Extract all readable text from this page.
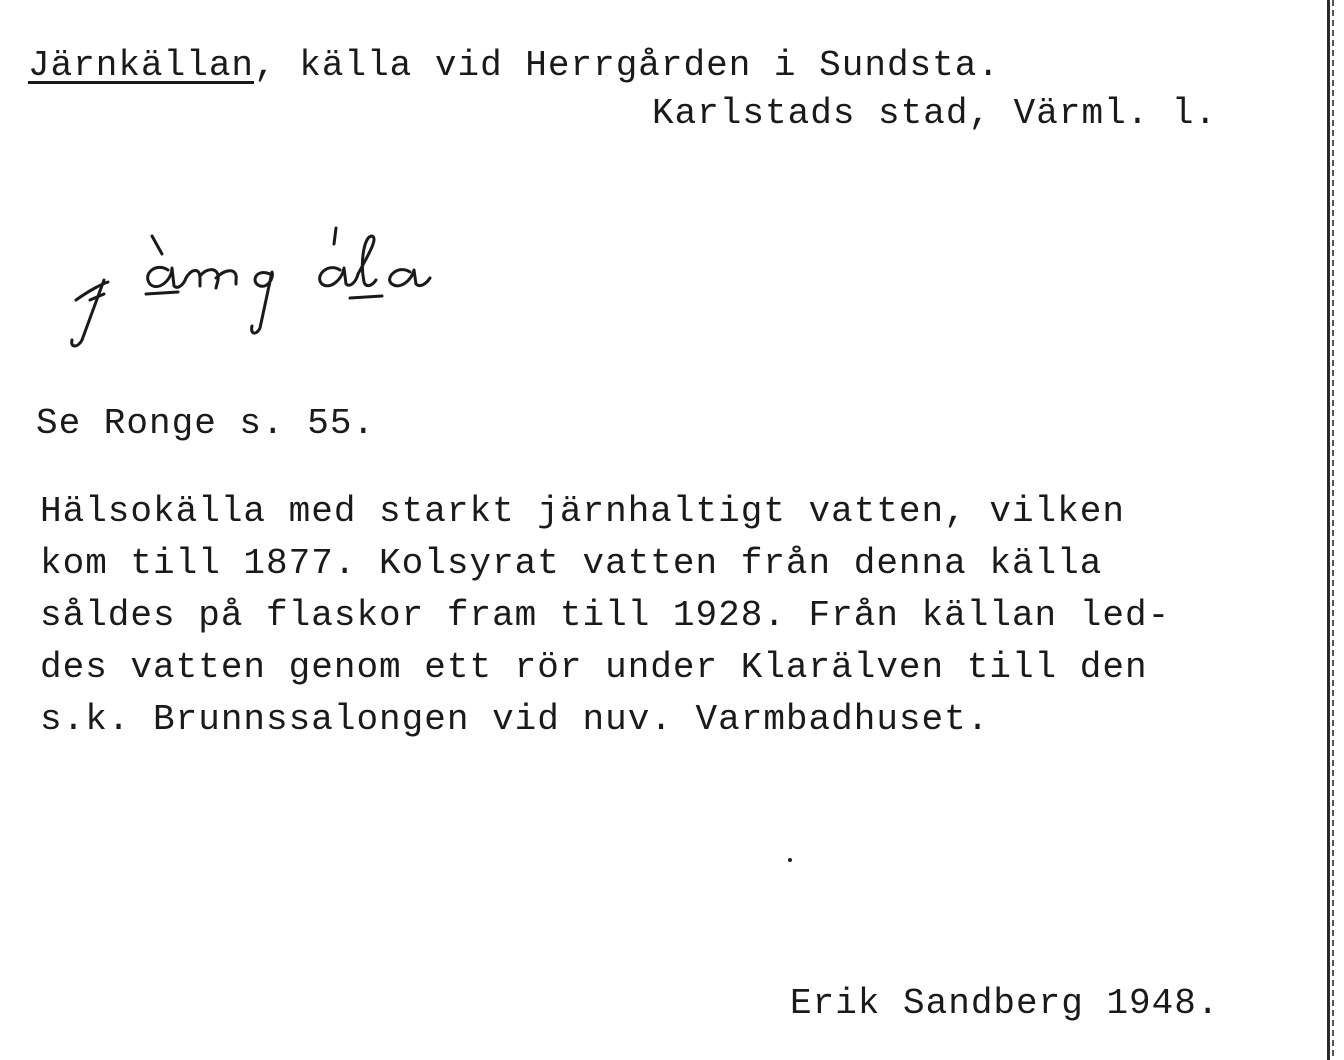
Järnkällan, källa vid Herrgården i Sundsta.
Karlstads stad, Värml. l.
Se Ronge s. 55.
Hälsokälla med starkt järnhaltigt vatten, vilken
kom till 1877. Kolsyrat vatten från denna källa
såldes på flaskor fram till 1928. Från källan led-
des vatten genom ett rör under Klarälven till den
s.k. Brunnssalongen vid nuv. Varmbadhuset.
Erik Sandberg 1948.
